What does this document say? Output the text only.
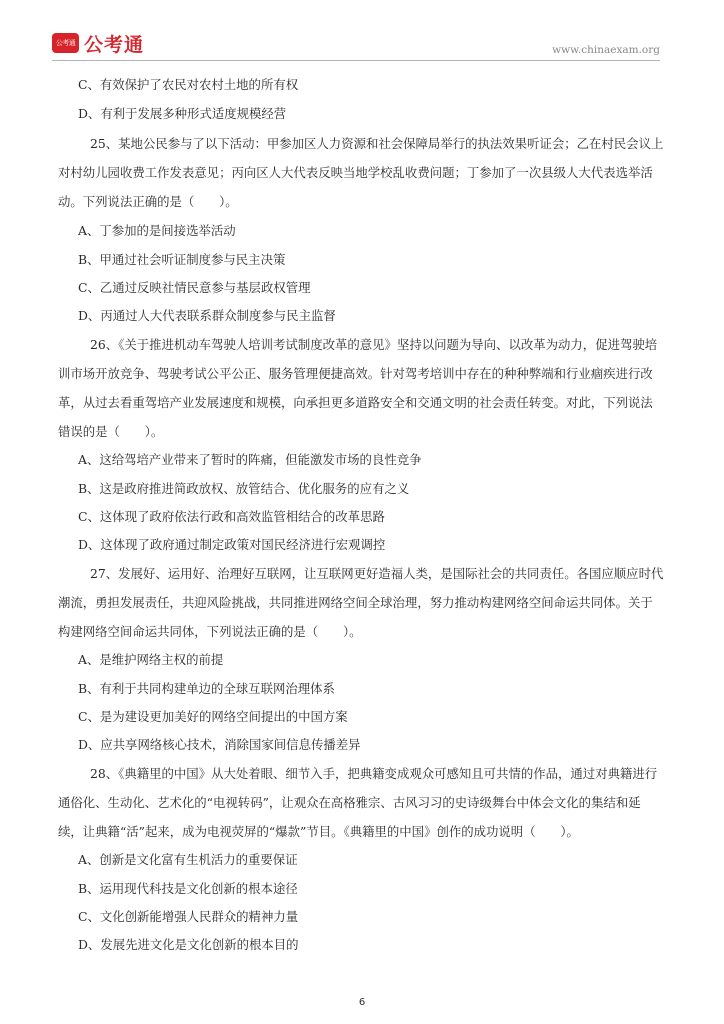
公考通 公考通	www.chinaexam.org
C、有效保护了农民对农村土地的所有权
D、有利于发展多种形式适度规模经营
25、某地公民参与了以下活动：甲参加区人力资源和社会保障局举行的执法效果听证会；乙在村民会议上
对村幼儿园收费工作发表意见；丙向区人大代表反映当地学校乱收费问题；丁参加了一次县级人大代表选举活
动。下列说法正确的是（　　）。
A、丁参加的是间接选举活动
B、甲通过社会听证制度参与民主决策
C、乙通过反映社情民意参与基层政权管理
D、丙通过人大代表联系群众制度参与民主监督
26、《关于推进机动车驾驶人培训考试制度改革的意见》坚持以问题为导向、以改革为动力，促进驾驶培
训市场开放竞争、驾驶考试公平公正、服务管理便捷高效。针对驾考培训中存在的种种弊端和行业痼疾进行改
革，从过去看重驾培产业发展速度和规模，向承担更多道路安全和交通文明的社会责任转变。对此，下列说法
错误的是（　　）。
A、这给驾培产业带来了暂时的阵痛，但能激发市场的良性竞争
B、这是政府推进简政放权、放管结合、优化服务的应有之义
C、这体现了政府依法行政和高效监管相结合的改革思路
D、这体现了政府通过制定政策对国民经济进行宏观调控
27、发展好、运用好、治理好互联网，让互联网更好造福人类，是国际社会的共同责任。各国应顺应时代
潮流，勇担发展责任，共迎风险挑战，共同推进网络空间全球治理，努力推动构建网络空间命运共同体。关于
构建网络空间命运共同体，下列说法正确的是（　　）。
A、是维护网络主权的前提
B、有利于共同构建单边的全球互联网治理体系
C、是为建设更加美好的网络空间提出的中国方案
D、应共享网络核心技术，消除国家间信息传播差异
28、《典籍里的中国》从大处着眼、细节入手，把典籍变成观众可感知且可共情的作品，通过对典籍进行
通俗化、生动化、艺术化的“电视转码”，让观众在高格雅宗、古风习习的史诗级舞台中体会文化的集结和延
续，让典籍“活”起来，成为电视荧屏的“爆款”节目。《典籍里的中国》创作的成功说明（　　）。
A、创新是文化富有生机活力的重要保证
B、运用现代科技是文化创新的根本途径
C、文化创新能增强人民群众的精神力量
D、发展先进文化是文化创新的根本目的
6
